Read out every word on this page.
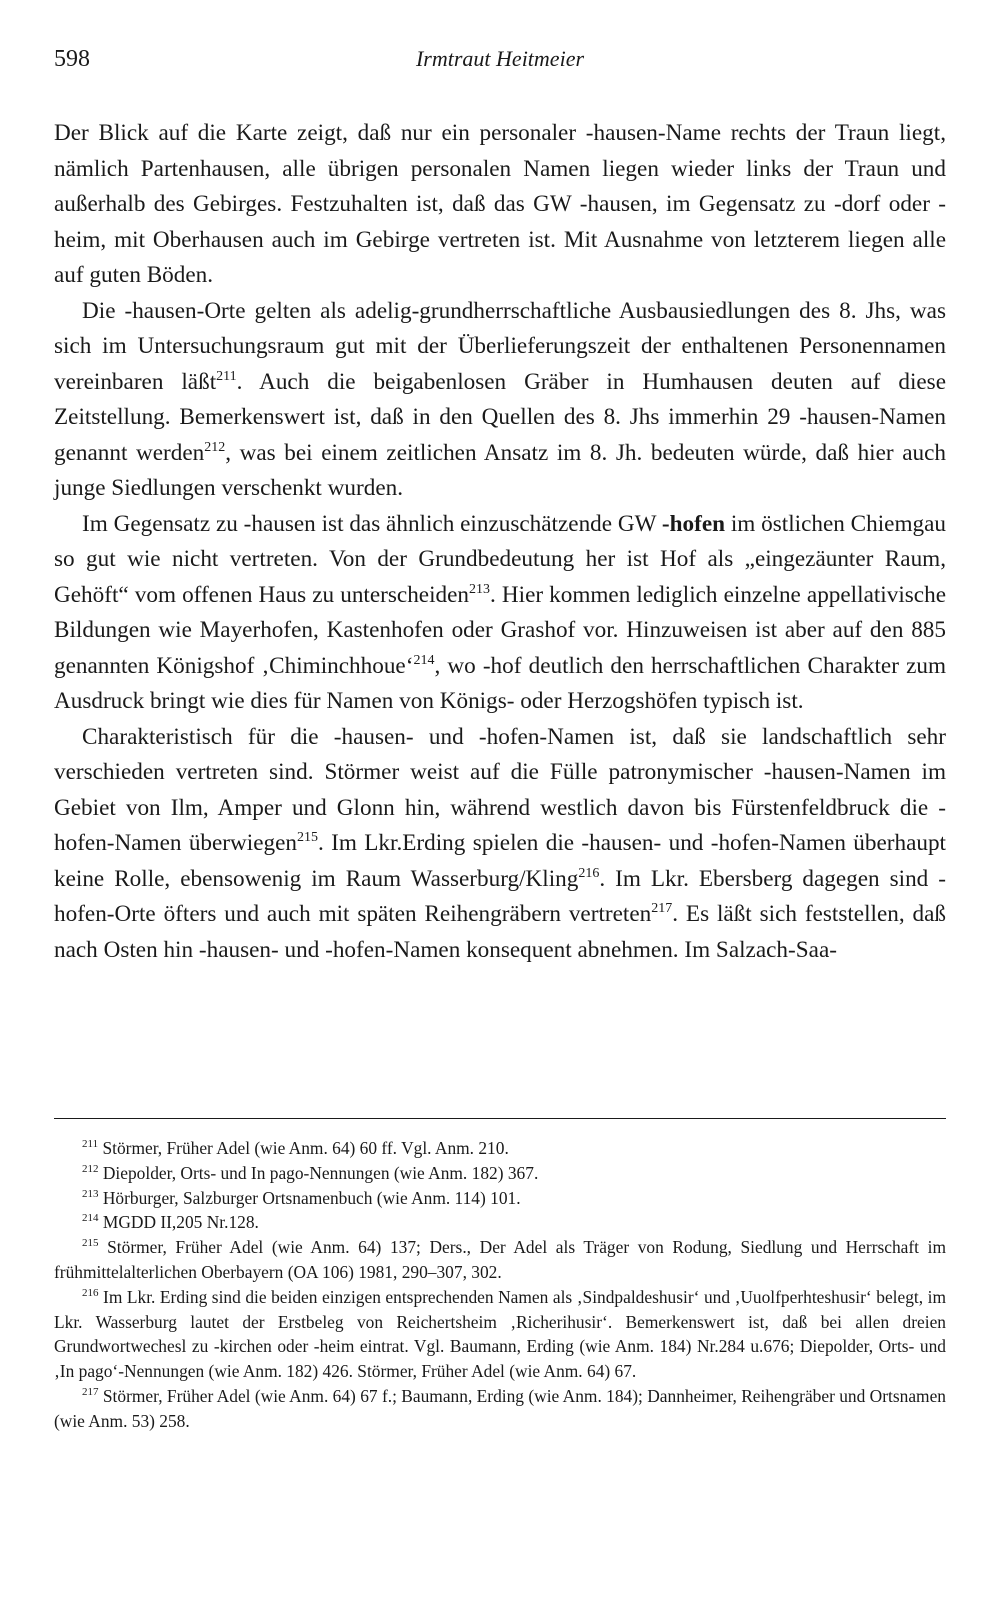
598	Irmtraut Heitmeier

Der Blick auf die Karte zeigt, daß nur ein personaler -hausen-Name rechts der Traun liegt, nämlich Partenhausen, alle übrigen personalen Namen liegen wieder links der Traun und außerhalb des Gebirges. Festzuhalten ist, daß das GW -hausen, im Gegensatz zu -dorf oder -heim, mit Oberhausen auch im Gebirge vertreten ist. Mit Ausnahme von letzterem liegen alle auf guten Böden.

Die -hausen-Orte gelten als adelig-grundherrschaftliche Ausbausiedlungen des 8. Jhs, was sich im Untersuchungsraum gut mit der Überlieferungszeit der enthaltenen Personennamen vereinbaren läßt$^{211}$. Auch die beigabenlosen Gräber in Humhausen deuten auf diese Zeitstellung. Bemerkenswert ist, daß in den Quellen des 8. Jhs immerhin 29 -hausen-Namen genannt werden$^{212}$, was bei einem zeitlichen Ansatz im 8. Jh. bedeuten würde, daß hier auch junge Siedlungen verschenkt wurden.

Im Gegensatz zu -hausen ist das ähnlich einzuschätzende GW -hofen im östlichen Chiemgau so gut wie nicht vertreten. Von der Grundbedeutung her ist Hof als „eingezäunter Raum, Gehöft“ vom offenen Haus zu unterscheiden$^{213}$. Hier kommen lediglich einzelne appellativische Bildungen wie Mayerhofen, Kastenhofen oder Grashof vor. Hinzuweisen ist aber auf den 885 genannten Königshof ‚Chiminchhoue‘$^{214}$, wo -hof deutlich den herrschaftlichen Charakter zum Ausdruck bringt wie dies für Namen von Königs- oder Herzogshöfen typisch ist.

Charakteristisch für die -hausen- und -hofen-Namen ist, daß sie landschaftlich sehr verschieden vertreten sind. Störmer weist auf die Fülle patronymischer -hausen-Namen im Gebiet von Ilm, Amper und Glonn hin, während westlich davon bis Fürstenfeldbruck die -hofen-Namen überwiegen$^{215}$. Im Lkr.Erding spielen die -hausen- und -hofen-Namen überhaupt keine Rolle, ebensowenig im Raum Wasserburg/Kling$^{216}$. Im Lkr. Ebersberg dagegen sind -hofen-Orte öfters und auch mit späten Reihengräbern vertreten$^{217}$. Es läßt sich feststellen, daß nach Osten hin -hausen- und -hofen-Namen konsequent abnehmen. Im Salzach-Saa-

$^{211}$ Störmer, Früher Adel (wie Anm. 64) 60 ff. Vgl. Anm. 210.

$^{212}$ Diepolder, Orts- und In pago-Nennungen (wie Anm. 182) 367.

$^{213}$ Hörburger, Salzburger Ortsnamenbuch (wie Anm. 114) 101.

$^{214}$ MGDD II,205 Nr.128.

$^{215}$ Störmer, Früher Adel (wie Anm. 64) 137; Ders., Der Adel als Träger von Rodung, Siedlung und Herrschaft im frühmittelalterlichen Oberbayern (OA 106) 1981, 290–307, 302.

$^{216}$ Im Lkr. Erding sind die beiden einzigen entsprechenden Namen als ‚Sindpaldeshusir‘ und ‚Uuolfperhteshusir‘ belegt, im Lkr. Wasserburg lautet der Erstbeleg von Reichertsheim ‚Richerihusir‘. Bemerkenswert ist, daß bei allen dreien Grundwortwechesl zu -kirchen oder -heim eintrat. Vgl. Baumann, Erding (wie Anm. 184) Nr.284 u.676; Diepolder, Orts- und ‚In pago‘-Nennungen (wie Anm. 182) 426. Störmer, Früher Adel (wie Anm. 64) 67.

$^{217}$ Störmer, Früher Adel (wie Anm. 64) 67 f.; Baumann, Erding (wie Anm. 184); Dannheimer, Reihengräber und Ortsnamen (wie Anm. 53) 258.
